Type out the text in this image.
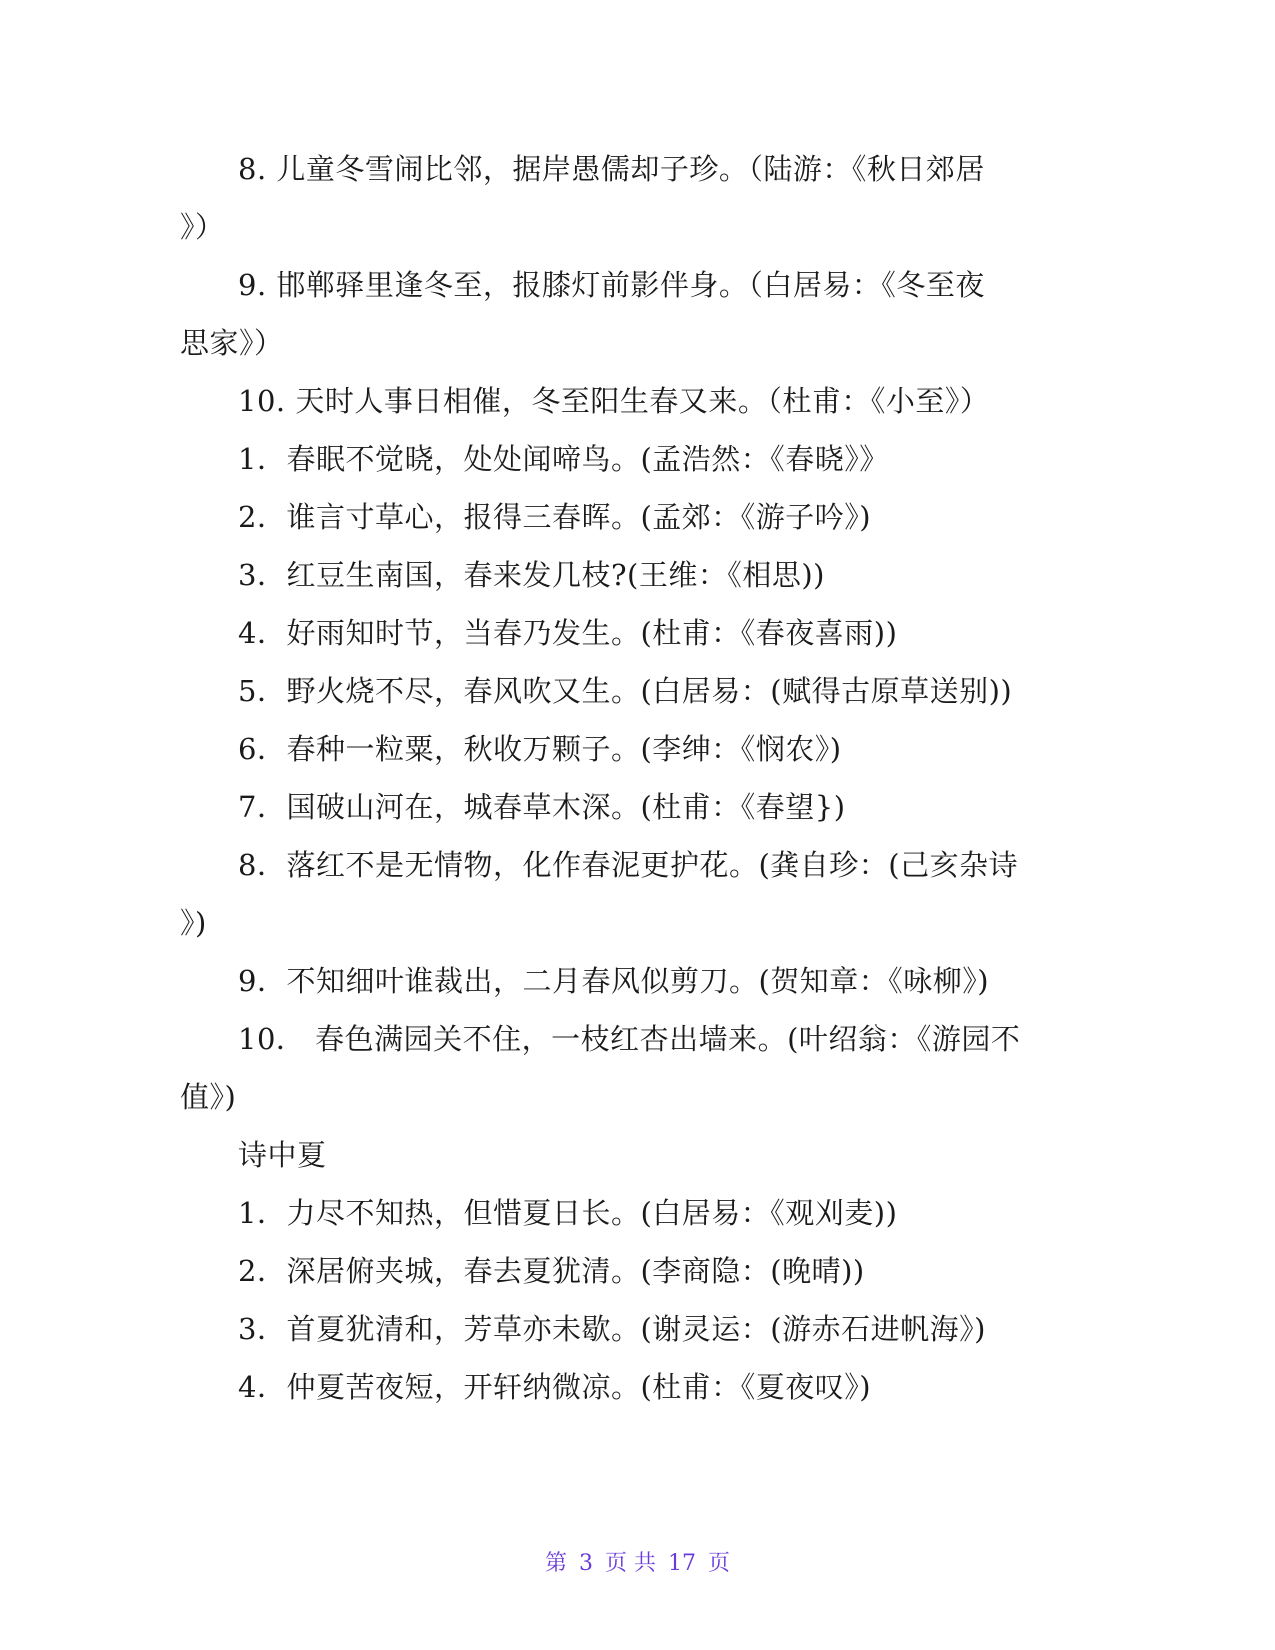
8. 儿童冬雪闹比邻，据岸愚儒却子珍。（陆游：《秋日郊居
》）
9. 邯郸驿里逢冬至，报膝灯前影伴身。（白居易：《冬至夜
思家》）
10. 天时人事日相催，冬至阳生春又来。（杜甫：《小至》）
1．春眠不觉晓，处处闻啼鸟。(孟浩然：《春晓》》
2．谁言寸草心，报得三春晖。(孟郊：《游子吟》)
3．红豆生南国，春来发几枝?(王维：《相思))
4．好雨知时节，当春乃发生。(杜甫：《春夜喜雨))
5．野火烧不尽，春风吹又生。(白居易：(赋得古原草送别))
6．春种一粒粟，秋收万颗子。(李绅：《悯农》)
7．国破山河在，城春草木深。(杜甫：《春望})
8．落红不是无情物，化作春泥更护花。(龚自珍：(己亥杂诗
》)
9．不知细叶谁裁出，二月春风似剪刀。(贺知章：《咏柳》)
10． 春色满园关不住，一枝红杏出墙来。(叶绍翁：《游园不
值》)
诗中夏
1．力尽不知热，但惜夏日长。(白居易：《观刈麦))
2．深居俯夹城，春去夏犹清。(李商隐：(晚晴))
3．首夏犹清和，芳草亦未歇。(谢灵运：(游赤石进帆海》)
4．仲夏苦夜短，开轩纳微凉。(杜甫：《夏夜叹》)
第 3 页 共 17 页
